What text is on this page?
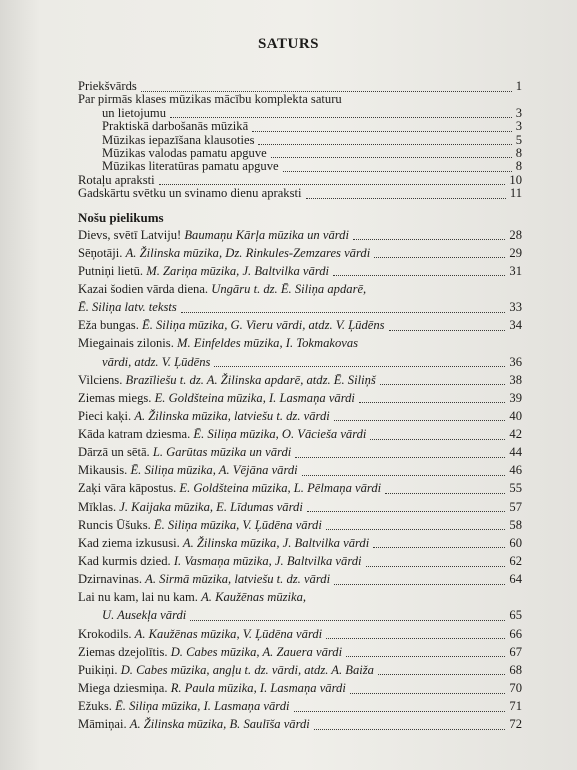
SATURS
Priekšvārds	1
Par pirmās klases mūzikas mācību komplekta saturu
un lietojumu	3
Praktiskā darbošanās mūzikā	3
Mūzikas iepazīšana klausoties	5
Mūzikas valodas pamatu apguve	8
Mūzikas literatūras pamatu apguve	8
Rotaļu apraksti	10
Gadskārtu svētku un svinamo dienu apraksti	11
Nošu pielikums
Dievs, svētī Latviju! Baumaņu Kārļa mūzika un vārdi	28
Sēņotāji. A. Žilinska mūzika, Dz. Rinkules-Zemzares vārdi	29
Putniņi lietū. M. Zariņa mūzika, J. Baltvilka vārdi	31
Kazai šodien vārda diena. Ungāru t. dz. Ē. Siliņa apdarē,
Ē. Siliņa latv. teksts	33
Eža bungas. Ē. Siliņa mūzika, G. Vieru vārdi, atdz. V. Ļūdēns	34
Miegainais zilonis. M. Einfeldes mūzika, I. Tokmakovas
vārdi, atdz. V. Ļūdēns	36
Vilciens. Brazīliešu t. dz. A. Žilinska apdarē, atdz. Ē. Siliņš	38
Ziemas miegs. E. Goldšteina mūzika, I. Lasmaņa vārdi	39
Pieci kaķi. A. Žilinska mūzika, latviešu t. dz. vārdi	40
Kāda katram dziesma. Ē. Siliņa mūzika, O. Vācieša vārdi	42
Dārzā un sētā. L. Garūtas mūzika un vārdi	44
Mikausis. Ē. Siliņa mūzika, A. Vējāna vārdi	46
Zaķi vāra kāpostus. E. Goldšteina mūzika, L. Pēlmaņa vārdi	55
Mīklas. J. Kaijaka mūzika, E. Līdumas vārdi	57
Runcis Ūšuks. Ē. Siliņa mūzika, V. Ļūdēna vārdi	58
Kad ziema izkususi. A. Žilinska mūzika, J. Baltvilka vārdi	60
Kad kurmis dzied. I. Vasmaņa mūzika, J. Baltvilka vārdi	62
Dzirnavinas. A. Sirmā mūzika, latviešu t. dz. vārdi	64
Lai nu kam, lai nu kam. A. Kaužēnas mūzika,
U. Ausekļa vārdi	65
Krokodils. A. Kaužēnas mūzika, V. Ļūdēna vārdi	66
Ziemas dzejolītis. D. Cabes mūzika, A. Zauera vārdi	67
Puikiņi. D. Cabes mūzika, angļu t. dz. vārdi, atdz. A. Baiža	68
Miega dziesmiņa. R. Paula mūzika, I. Lasmaņa vārdi	70
Ežuks. Ē. Siliņa mūzika, I. Lasmaņa vārdi	71
Māmiņai. A. Žilinska mūzika, B. Saulīša vārdi	72
